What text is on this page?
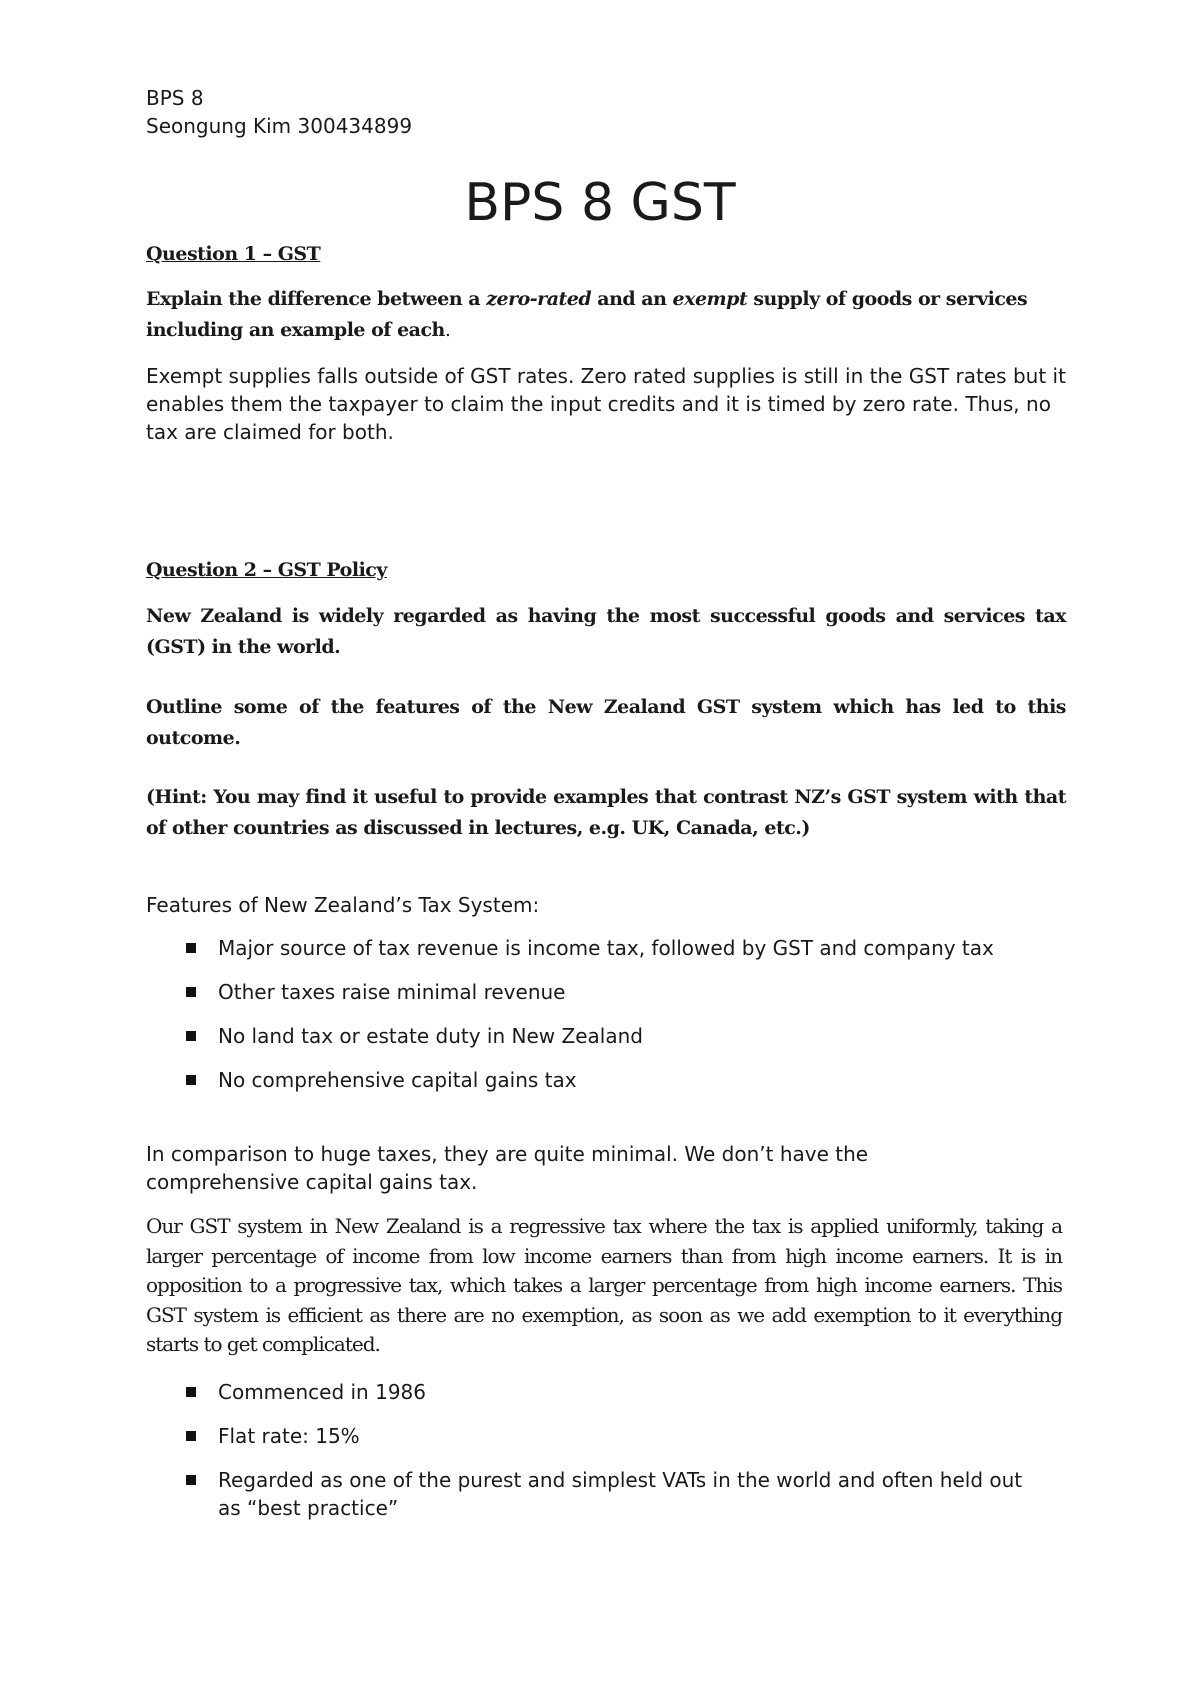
BPS 8
Seongung Kim 300434899
BPS 8 GST
Question 1 – GST
Explain the difference between a zero-rated and an exempt supply of goods or services including an example of each.

Exempt supplies falls outside of GST rates. Zero rated supplies is still in the GST rates but it enables them the taxpayer to claim the input credits and it is timed by zero rate. Thus, no tax are claimed for both.

Question 2 – GST Policy

New Zealand is widely regarded as having the most successful goods and services tax (GST) in the world.

Outline some of the features of the New Zealand GST system which has led to this outcome.

(Hint: You may find it useful to provide examples that contrast NZ’s GST system with that of other countries as discussed in lectures, e.g. UK, Canada, etc.)

Features of New Zealand’s Tax System:

Major source of tax revenue is income tax, followed by GST and company tax
Other taxes raise minimal revenue
No land tax or estate duty in New Zealand
No comprehensive capital gains tax

In comparison to huge taxes, they are quite minimal. We don’t have the comprehensive capital gains tax.

Our GST system in New Zealand is a regressive tax where the tax is applied uniformly, taking a larger percentage of income from low income earners than from high income earners. It is in opposition to a progressive tax, which takes a larger percentage from high income earners. This GST system is efficient as there are no exemption, as soon as we add exemption to it everything starts to get complicated.

Commenced in 1986
Flat rate: 15%
Regarded as one of the purest and simplest VATs in the world and often held out as “best practice”
